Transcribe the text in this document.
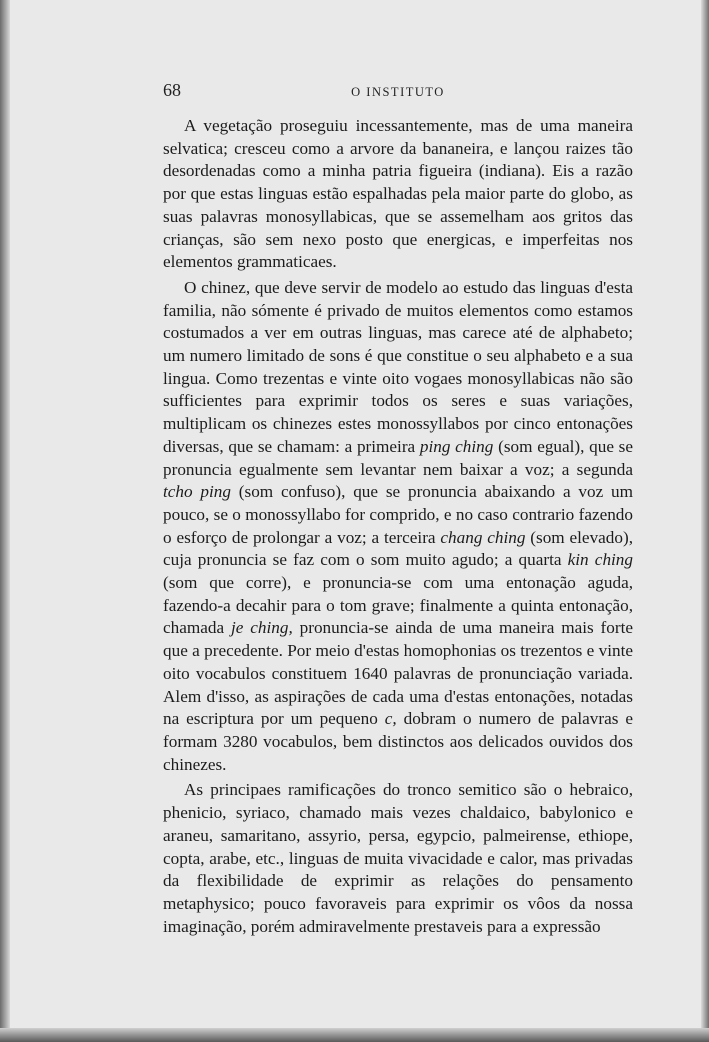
68	O INSTITUTO

A vegetação proseguiu incessantemente, mas de uma maneira selvatica; cresceu como a arvore da bananeira, e lançou raizes tão desordenadas como a minha patria figueira (indiana). Eis a razão por que estas linguas estão espalhadas pela maior parte do globo, as suas palavras monosyllabicas, que se assemelham aos gritos das crianças, são sem nexo posto que energicas, e imperfeitas nos elementos grammaticaes.

O chinez, que deve servir de modelo ao estudo das linguas d'esta familia, não sómente é privado de muitos elementos como estamos costumados a ver em outras linguas, mas carece até de alphabeto; um numero limitado de sons é que constitue o seu alphabeto e a sua lingua. Como trezentas e vinte oito vogaes monosyllabicas não são sufficientes para exprimir todos os seres e suas variações, multiplicam os chinezes estes monossyllabos por cinco entonações diversas, que se chamam: a primeira ping ching (som egual), que se pronuncia egualmente sem levantar nem baixar a voz; a segunda tcho ping (som confuso), que se pronuncia abaixando a voz um pouco, se o monossyllabo for comprido, e no caso contrario fazendo o esforço de prolongar a voz; a terceira chang ching (som elevado), cuja pronuncia se faz com o som muito agudo; a quarta kin ching (som que corre), e pronuncia-se com uma entonação aguda, fazendo-a decahir para o tom grave; finalmente a quinta entonação, chamada je ching, pronuncia-se ainda de uma maneira mais forte que a precedente. Por meio d'estas homophonias os trezentos e vinte oito vocabulos constituem 1640 palavras de pronunciação variada. Alem d'isso, as aspirações de cada uma d'estas entonações, notadas na escriptura por um pequeno c, dobram o numero de palavras e formam 3280 vocabulos, bem distinctos aos delicados ouvidos dos chinezes.

As principaes ramificações do tronco semitico são o hebraico, phenicio, syriaco, chamado mais vezes chaldaico, babylonico e araneu, samaritano, assyrio, persa, egypcio, palmeirense, ethiope, copta, arabe, etc., linguas de muita vivacidade e calor, mas privadas da flexibilidade de exprimir as relações do pensamento metaphysico; pouco favoraveis para exprimir os vôos da nossa imaginação, porém admiravelmente prestaveis para a expressão
